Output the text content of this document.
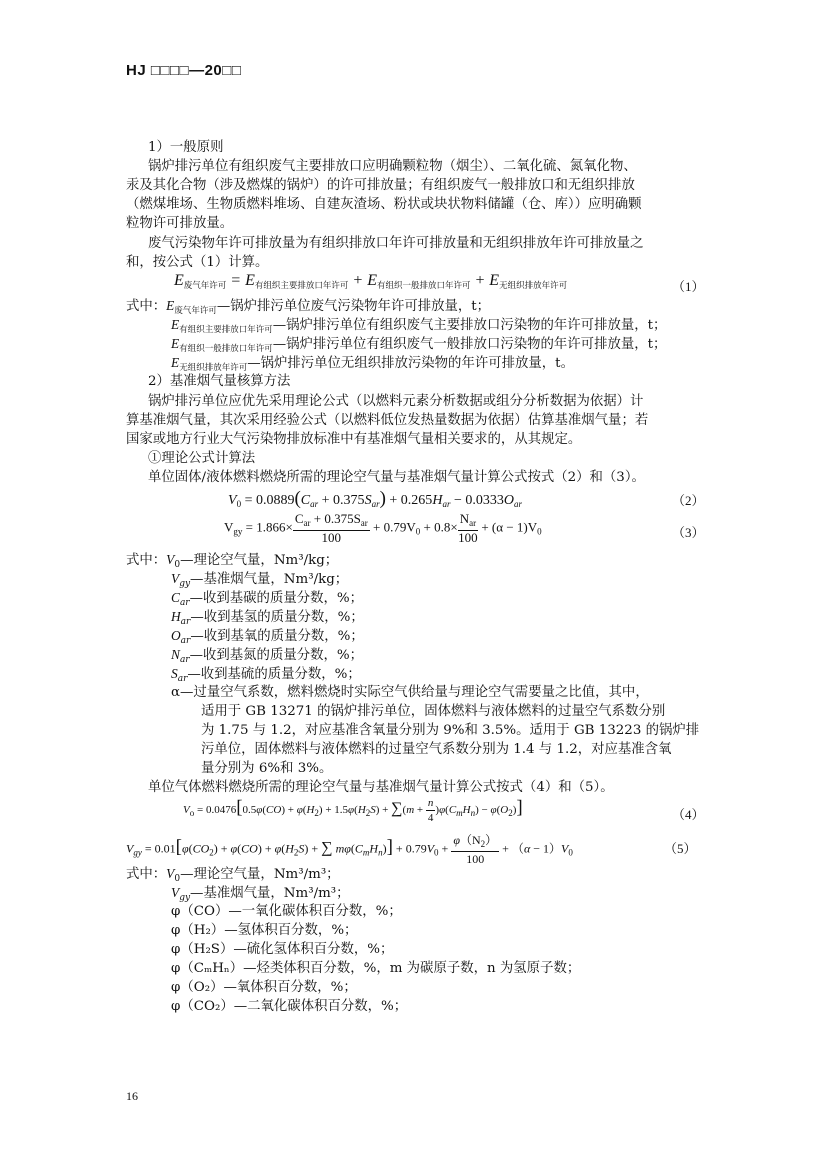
HJ □□□□—20□□
1）一般原则
锅炉排污单位有组织废气主要排放口应明确颗粒物（烟尘）、二氧化硫、氮氧化物、
汞及其化合物（涉及燃煤的锅炉）的许可排放量；有组织废气一般排放口和无组织排放
（燃煤堆场、生物质燃料堆场、自建灰渣场、粉状或块状物料储罐（仓、库））应明确颗
粒物许可排放量。
废气污染物年许可排放量为有组织排放口年许可排放量和无组织排放年许可排放量之
和，按公式（1）计算。
$E_{废气年许可} = E_{有组织主要排放口年许可} + E_{有组织一般排放口年许可} + E_{无组织排放年许可}$	（1）
式中：$E_{废气年许可}—$锅炉排污单位废气污染物年许可排放量，t；
$E_{有组织主要排放口年许可}—$锅炉排污单位有组织废气主要排放口污染物的年许可排放量，t；
$E_{有组织一般排放口年许可}—$锅炉排污单位有组织废气一般排放口污染物的年许可排放量，t；
$E_{无组织排放年许可}—$锅炉排污单位无组织排放污染物的年许可排放量，t。
2）基准烟气量核算方法
锅炉排污单位应优先采用理论公式（以燃料元素分析数据或组分分析数据为依据）计
算基准烟气量，其次采用经验公式（以燃料低位发热量数据为依据）估算基准烟气量；若
国家或地方行业大气污染物排放标准中有基准烟气量相关要求的，从其规定。
①理论公式计算法
单位固体/液体燃料燃烧所需的理论空气量与基准烟气量计算公式按式（2）和（3）。
$V_0 = 0.0889(C_{ar} + 0.375S_{ar}) + 0.265H_{ar} - 0.0333O_{ar}$	（2）
$V_{gy} = 1.866\times \frac{C_{ar} + 0.375S_{ar}}{100} + 0.79V_0 + 0.8\times \frac{N_{ar}}{100} + (\alpha - 1)V_0$	（3）
式中：$V_0—$理论空气量，Nm³/kg；
$V_{gy}—$基准烟气量，Nm³/kg；
$C_{ar}—$收到基碳的质量分数，%；
$H_{ar}—$收到基氢的质量分数，%；
$O_{ar}—$收到基氧的质量分数，%；
$N_{ar}—$收到基氮的质量分数，%；
$S_{ar}—$收到基硫的质量分数，%；
α—过量空气系数，燃料燃烧时实际空气供给量与理论空气需要量之比值，其中，
适用于 GB 13271 的锅炉排污单位，固体燃料与液体燃料的过量空气系数分别
为 1.75 与 1.2，对应基准含氧量分别为 9%和 3.5%。适用于 GB 13223 的锅炉排
污单位，固体燃料与液体燃料的过量空气系数分别为 1.4 与 1.2，对应基准含氧
量分别为 6%和 3%。
单位气体燃料燃烧所需的理论空气量与基准烟气量计算公式按式（4）和（5）。
$V_o = 0.0476[0.5\varphi(CO) + \varphi(H_2) + 1.5\varphi(H_2S) + \sum(m + \frac{n}{4} )\varphi(C_mH_n) - \varphi(O_2)]$	（4）
$V_{gy} = 0.01[\varphi(CO_2) + \varphi(CO) + \varphi(H_2S)$ + ∑ $m\varphi(C_mH_n)] + 0.79V_0 + \frac{\varphi(N_2)}{100} + (\alpha - 1)V_0$	（5）
式中：$V_0—$理论空气量，Nm³/m³；
$V_{gy}—$基准烟气量，Nm³/m³；
φ（CO）—一氧化碳体积百分数，%；
φ（H₂）—氢体积百分数，%；
φ（H₂S）—硫化氢体积百分数，%；
φ（CₘHₙ）—烃类体积百分数，%，m 为碳原子数，n 为氢原子数；
φ（O₂）—氧体积百分数，%；
φ（CO₂）—二氧化碳体积百分数，%；
16
